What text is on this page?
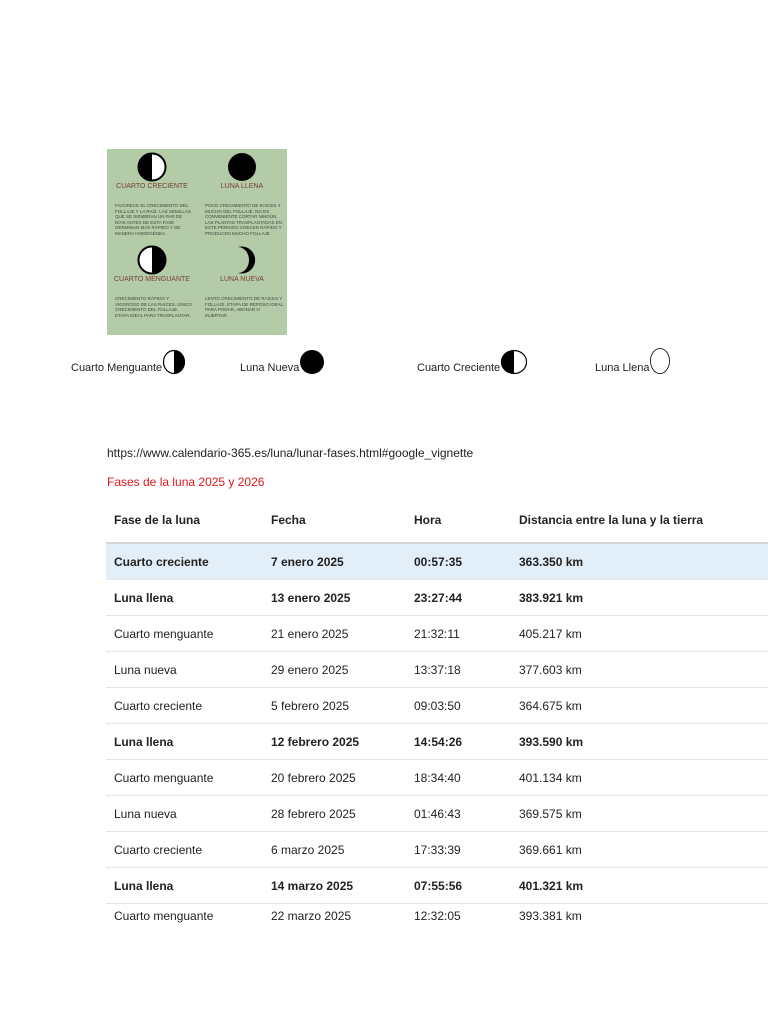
CUARTO CRECIENTE
FAVORECE EL CRECIMIENTO DEL FOLLAJE Y LA RAÍZ. LAS SEMILLAS QUE SE SIEMBRAN UN PAR DE DÍAS ANTES DE ESTA FASE GERMINAN MÁS RÁPIDO Y DE MANERA HOMOGÉNEA.
LUNA LLENA
POCO CRECIMIENTO DE RAÍCES Y MUCHO DEL FOLLAJE. NO ES CONVENIENTE CORTAR NINGÚN. LAS PLANTAS TRASPLANTADAS EN ESTE PERIODO CRECEN RÁPIDO Y PRODUCEN MUCHO FOLLAJE.
CUARTO MENGUANTE
CRECIMIENTO RÁPIDO Y VIGOROSO DE LAS RAÍCES. ÚNICO CRECIMIENTO DEL FOLLAJE. ETAPA IDEAL PARA TRASPLANTAR.
LUNA NUEVA
LENTO CRECIMIENTO DE RAÍCES Y FOLLAJE. ETAPA DE REPOSO IDEAL PARA PODAR, ABONAR O INJERTAR.
Cuarto Menguante	Luna Nueva	Cuarto Creciente	Luna Llena
https://www.calendario-365.es/luna/lunar-fases.html#google_vignette
Fases de la luna 2025 y 2026
Fase de la luna	Fecha	Hora	Distancia entre la luna y la tierra
Cuarto creciente	7 enero 2025	00:57:35	363.350 km
Luna llena	13 enero 2025	23:27:44	383.921 km
Cuarto menguante	21 enero 2025	21:32:11	405.217 km
Luna nueva	29 enero 2025	13:37:18	377.603 km
Cuarto creciente	5 febrero 2025	09:03:50	364.675 km
Luna llena	12 febrero 2025	14:54:26	393.590 km
Cuarto menguante	20 febrero 2025	18:34:40	401.134 km
Luna nueva	28 febrero 2025	01:46:43	369.575 km
Cuarto creciente	6 marzo 2025	17:33:39	369.661 km
Luna llena	14 marzo 2025	07:55:56	401.321 km
Cuarto menguante	22 marzo 2025	12:32:05	393.381 km
